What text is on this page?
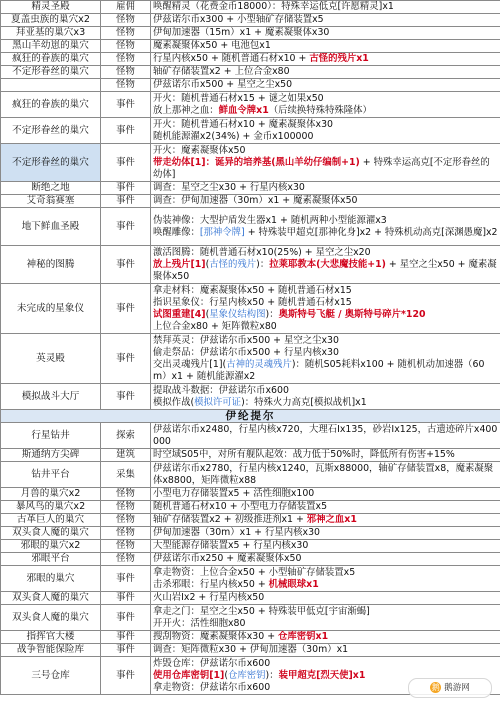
精灵圣殿	雇佣	唤醒精灵（花费金币18000）：特殊幸运低克[许愿精灵]x1
夏盖虫族的巢穴x2	怪物	伊兹诺尔币x300 + 小型轴矿存储装置x5
拜亚基的巢穴x3	怪物	伊甸加速器（15m）x1 + 魔素凝聚体x30
黑山羊幼崽的巢穴	怪物	魔素凝聚体x50 + 电池包x1
疯狂的眷族的巢穴	怪物	行星内核x50 + 随机普通石材x10 + 古怪的残片x1
不定形眷丝的巢穴	怪物	轴矿存储装置x2 + 上位合金x80
	怪物	伊兹诺尔币x500 + 星空之尘x50
疯狂的眷族的巢穴	事件	开火：随机普通石材x15 + 谜之如果x50
放上那神之血：鲜血令牌x1（后续换特殊特殊隆体）
不定形眷丝的巢穴	事件	开火：随机普通石材x10 + 魔素凝聚体x30
随机能源濯x2(34%) + 金币x100000
不定形眷丝的巢穴	事件	开火：魔素凝聚体x50
带走幼体[1]：诞异的培养基(黑山羊幼仔编制+1) + 特殊幸运高克[不定形眷丝的幼体]
断绝之地	事件	调查：星空之尘x30 + 行星内核x30
艾奇翁赛塞	事件	调查：伊甸加速器（30m）x1 + 魔素凝聚体x50
地下鲜血圣殿	事件	伪装神像：大型护盾发生器x1 + 随机两种小型能源濯x3
唤醒雕像：[那神令牌] + 特殊装甲超克[那神化身]x2 + 特殊机动高克[深渊愚魔]x2
神秘的图腾	事件	激活图腾：随机普通石材x10(25%) + 星空之尘x20
放上残片[1](古怪的残片)：拉莱耶教本(大悲魔技能+1) + 星空之尘x50 + 魔素凝聚体x50
未完成的星象仪	事件	拿走材料：魔素凝聚体x50 + 随机普通石材x15
指识星象仪：行星内核x50 + 随机普通石材x15
试图重建[4](星象仪结构图)：奥斯特号飞艇 / 奥斯特号碎片*120
上位合金x80 + 矩阵微粒x80
英灵殿	事件	禁拜英灵：伊兹诺尔币x500 + 星空之尘x30
偷走祭品：伊兹诺尔币x500 + 行星内核x30
交出灵魂残片[1](古神的灵魂残片)：随机S05耗料x100 + 随机机动加速器（60m）x1 + 随机能源濯x2
模拟战斗大厅	事件	提取战斗数据：伊兹诺尔币x600
模拟作战(模拟许可证)：特殊火力高克[模拟战机]x1
伊纶提尔		
行星钻井	探索	伊兹诺尔币x2480，行星内核x720，大理石Ix135，砂岩Ix125，古遗迹碎片x400000
斯通纳方尖碑	建筑	时空域S05中，对所有舰队起效：战力低于50%时，降低所有伤害+15%
钻井平台	采集	伊兹诺尔币x2780，行星内核x1240，瓦斯x88000，轴矿存储装置x8，魔素凝聚体x8800，矩阵微粒x88
月兽的巢穴x2	怪物	小型电力存储装置x5 + 活性细胞x100
暴风鸟的巢穴x2	怪物	随机普通石材x10 + 小型电力存储装置x5
古革巨人的巢穴	怪物	轴矿存储装置x2 + 初级推进剂x1 + 邪神之血x1
双头食人魔的巢穴	怪物	伊甸加速器（30m）x1 + 行星内核x30
邪眼的巢穴x2	怪物	大型能源存储装置x5 + 行星内核x30
邪眼平台	怪物	伊兹诺尔币x250 + 魔素凝聚体x50
邪眼的巢穴	事件	拿走物资：上位合金x50 + 小型轴矿存储装置x5
击杀邪眼：行星内核x50 + 机械眼球x1
双头食人魔的巢穴	事件	火山岩Ix2 + 行星内核x50
双头食人魔的巢穴	事件	拿走之门：星空之尘x50 + 特殊装甲低克[宇宙渐蝎]
开开火：活性细胞x80
指挥官大楼	事件	搜刮物资：魔素凝聚体x30 + 仓库密钥x1
战争智能保险库	事件	调查：矩阵微粒x30 + 伊甸加速器（30m）x1
三号仓库	事件	炸毁仓库：伊兹诺尔币x600
使用仓库密钥[1](仓库密钥)：装甲超克[烈天使]x1
拿走物资：伊兹诺尔币x600	鹅 鹅游网
